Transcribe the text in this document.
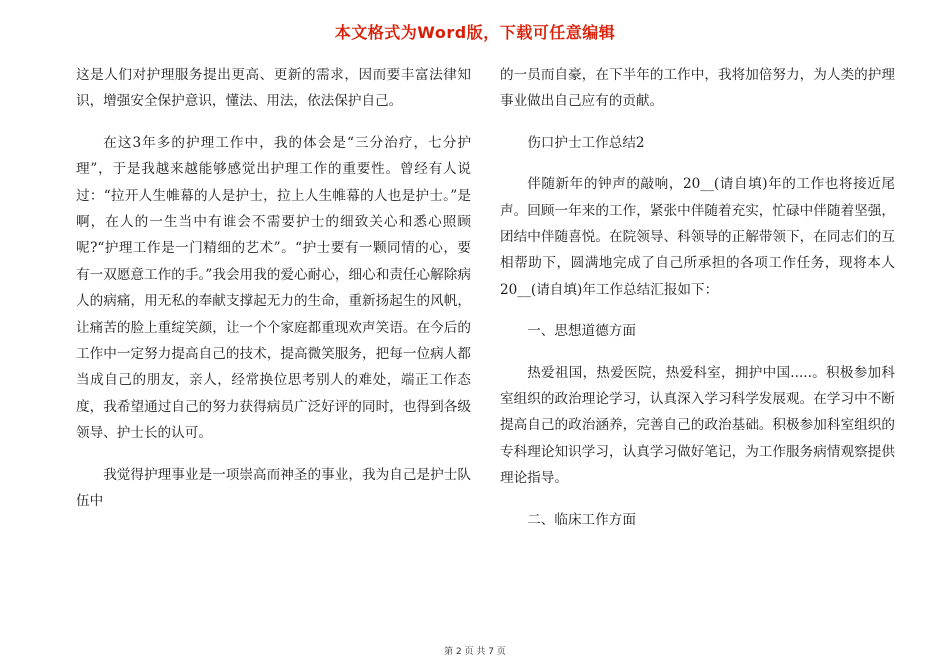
本文格式为Word版，下载可任意编辑

这是人们对护理服务提出更高、更新的需求，因而要丰富法律知识，增强安全保护意识，懂法、用法，依法保护自己。

在这3年多的护理工作中，我的体会是“三分治疗，七分护理”，于是我越来越能够感觉出护理工作的重要性。曾经有人说过：“拉开人生帷幕的人是护士，拉上人生帷幕的人也是护士。”是啊，在人的一生当中有谁会不需要护士的细致关心和悉心照顾呢?“护理工作是一门精细的艺术”。“护士要有一颗同情的心，要有一双愿意工作的手。”我会用我的爱心耐心，细心和责任心解除病人的病痛，用无私的奉献支撑起无力的生命，重新扬起生的风帆，让痛苦的脸上重绽笑颜，让一个个家庭都重现欢声笑语。在今后的工作中一定努力提高自己的技术，提高微笑服务，把每一位病人都当成自己的朋友，亲人，经常换位思考别人的难处，端正工作态度，我希望通过自己的努力获得病员广泛好评的同时，也得到各级领导、护士长的认可。

我觉得护理事业是一项崇高而神圣的事业，我为自己是护士队伍中

的一员而自豪，在下半年的工作中，我将加倍努力，为人类的护理事业做出自己应有的贡献。

伤口护士工作总结2

伴随新年的钟声的敲响，20__(请自填)年的工作也将接近尾声。回顾一年来的工作，紧张中伴随着充实，忙碌中伴随着坚强，团结中伴随喜悦。在院领导、科领导的正解带领下，在同志们的互相帮助下，圆满地完成了自己所承担的各项工作任务，现将本人20__(请自填)年工作总结汇报如下：

一、思想道德方面

热爱祖国，热爱医院，热爱科室，拥护中国.....。积极参加科室组织的政治理论学习，认真深入学习科学发展观。在学习中不断提高自己的政治涵养，完善自己的政治基础。积极参加科室组织的专科理论知识学习，认真学习做好笔记，为工作服务病情观察提供理论指导。

二、临床工作方面

第 2 页 共 7 页
